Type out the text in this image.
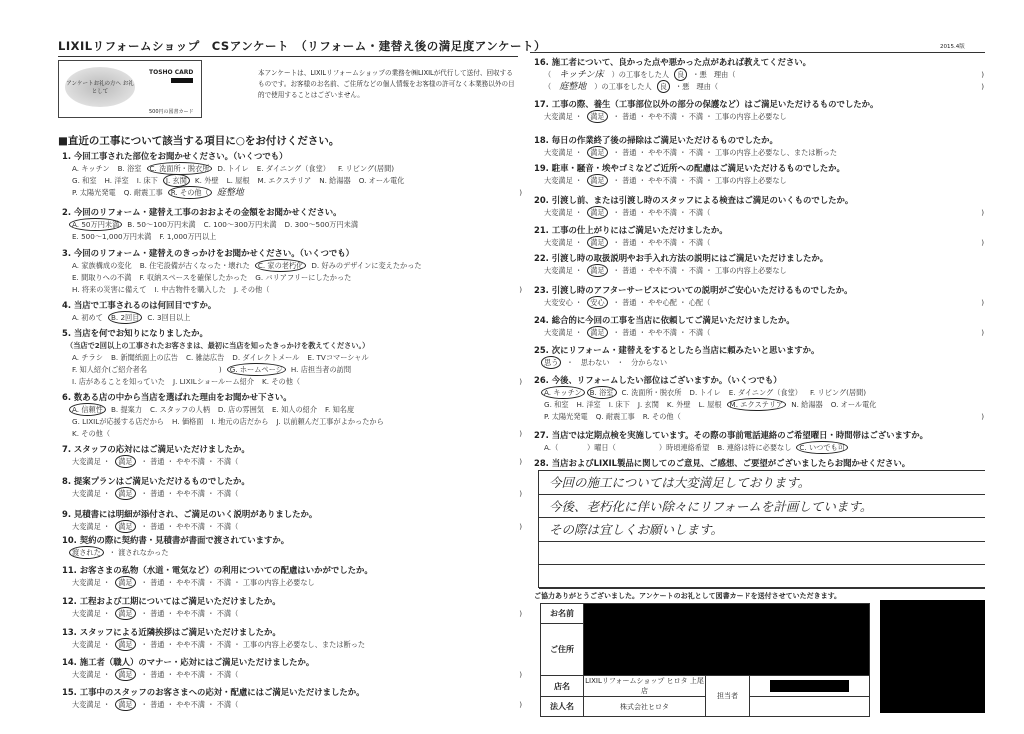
LIXILリフォームショップ　CSアンケート　（リフォーム・建替え後の満足度アンケート）	2015.4版
アンケートお礼の方へ お礼として
TOSHO CARD
500円の図書カード
本アンケートは、LIXILリフォームショップの業務を㈱LIXILが代行して送付、回収するものです。お客様のお名前、ご住所などの個人情報をお客様の許可なく本業務以外の目的で使用することはございません。
■直近の工事について該当する項目に○をお付けください。
1. 今回工事された部位をお聞かせください。（いくつでも）
A. キッチン B. 浴室 C. 洗面所・脱衣所 D. トイレ E. ダイニング（食堂） F. リビング(居間)
G. 和室 H. 洋室 I. 床下 J. 玄関 K. 外壁 L. 屋根 M. エクステリア N. 給湯器 O. オール電化
P. 太陽光発電 Q. 耐震工事 R. その他（ 庭整地	)
2. 今回のリフォーム・建替え工事のおおよその金額をお聞かせください。
A. 50万円未満 B. 50～100万円未満 C. 100～300万円未満 D. 300～500万円未満
E. 500～1,000万円未満 F. 1,000万円以上
3. 今回のリフォーム・建替えのきっかけをお聞かせください。（いくつでも）
A. 家族構成の変化 B. 住宅設備が古くなった・壊れた C. 家の老朽化 D. 好みのデザインに変えたかった
E. 間取りへの不満 F. 収納スペースを確保したかった G. バリアフリーにしたかった
H. 将来の災害に備えて I. 中古物件を購入した J. その他（	)
4. 当店で工事されるのは何回目ですか。
A. 初めて B. 2回目 C. 3回目以上
5. 当店を何でお知りになりましたか。
（当店で2回以上の工事されたお客さまは、最初に当店を知ったきっかけを教えてください。）
A. チラシ B. 新聞紙面上の広告 C. 雑誌広告 D. ダイレクトメール E. TVコマーシャル
F. 知人紹介(ご紹介者名　　　　　　　　　　) G. ホームページ H. 店担当者の訪問
I. 店があることを知っていた J. LIXILショールーム紹介 K. その他（	)
6. 数ある店の中から当店を選ばれた理由をお聞かせ下さい。
A. 信頼性 B. 提案力 C. スタッフの人柄 D. 店の雰囲気 E. 知人の紹介 F. 知名度
G. LIXILが応援する店だから H. 価格面 I. 地元の店だから J. 以前頼んだ工事がよかったから
K. その他（	)
7. スタッフの応対にはご満足いただけましたか。
大変満足 ・ 満足 ・ 普通 ・ やや不満 ・ 不満（	)
8. 提案プランはご満足いただけるものでしたか。
大変満足 ・ 満足 ・ 普通 ・ やや不満 ・ 不満（	)
9. 見積書には明細が添付され、ご満足のいく説明がありましたか。
大変満足 ・ 満足 ・ 普通 ・ やや不満 ・ 不満（	)
10. 契約の際に契約書・見積書が書面で渡されていますか。
渡された ・ 渡されなかった
11. お客さまの私物（水道・電気など）の利用についての配慮はいかがでしたか。
大変満足 ・ 満足 ・ 普通 ・ やや不満 ・ 不満 ・ 工事の内容上必要なし
12. 工程および工期についてはご満足いただけましたか。
大変満足 ・ 満足 ・ 普通 ・ やや不満 ・ 不満（	)
13. スタッフによる近隣挨拶はご満足いただけましたか。
大変満足 ・ 満足 ・ 普通 ・ やや不満 ・ 不満 ・ 工事の内容上必要なし、または断った
14. 施工者（職人）のマナー・応対にはご満足いただけましたか。
大変満足 ・ 満足 ・ 普通 ・ やや不満 ・ 不満（	)
15. 工事中のスタッフのお客さまへの応対・配慮にはご満足いただけましたか。
大変満足 ・ 満足 ・ 普通 ・ やや不満 ・ 不満（	)
16. 施工者について、良かった点や悪かった点があれば教えてください。
（ キッチン床 ）の工事をした人 良 ・悪　理由（	)
（ 庭整地 ）の工事をした人 良 ・悪　理由（	)
17. 工事の際、養生（工事部位以外の部分の保護など）はご満足いただけるものでしたか。
大変満足 ・ 満足 ・ 普通 ・ やや不満 ・ 不満 ・ 工事の内容上必要なし
18. 毎日の作業終了後の掃除はご満足いただけるものでしたか。
大変満足 ・ 満足 ・ 普通 ・ やや不満 ・ 不満 ・ 工事の内容上必要なし、または断った
19. 駐車・騒音・埃やゴミなどご近所への配慮はご満足いただけるものでしたか。
大変満足 ・ 満足 ・ 普通 ・ やや不満 ・ 不満 ・ 工事の内容上必要なし
20. 引渡し前、または引渡し時のスタッフによる検査はご満足のいくものでしたか。
大変満足 ・ 満足 ・ 普通 ・ やや不満 ・ 不満（	)
21. 工事の仕上がりにはご満足いただけましたか。
大変満足 ・ 満足 ・ 普通 ・ やや不満 ・ 不満（	)
22. 引渡し時の取扱説明やお手入れ方法の説明にはご満足いただけましたか。
大変満足 ・ 満足 ・ 普通 ・ やや不満 ・ 不満 ・ 工事の内容上必要なし
23. 引渡し時のアフターサービスについての説明がご安心いただけるものでしたか。
大変安心 ・ 安心 ・ 普通 ・ やや心配 ・ 心配（	)
24. 総合的に今回の工事を当店に依頼してご満足いただけましたか。
大変満足 ・ 満足 ・ 普通 ・ やや不満 ・ 不満（	)
25. 次にリフォーム・建替えをするとしたら当店に頼みたいと思いますか。
思う ・　思わない　・　分からない
26. 今後、リフォームしたい部位はございますか。（いくつでも）
A. キッチン B. 浴室 C. 洗面所・脱衣所 D. トイレ E. ダイニング（食堂） F. リビング(居間)
G. 和室 H. 洋室 I. 床下 J. 玄関 K. 外壁 L. 屋根 M. エクステリア N. 給湯器 O. オール電化
P. 太陽光発電 Q. 耐震工事 R. その他（	)
27. 当店では定期点検を実施しています。その際の事前電話連絡のご希望曜日・時間帯はございますか。
A.（　　　　）曜日（　　　　　　）時頃連絡希望 B. 連絡は特に必要なし C. いつでも可
28. 当店およびLIXIL製品に関してのご意見、ご感想、ご要望がございましたらお聞かせください。
今回の施工については大変満足しております。
今後、老朽化に伴い除々にリフォームを計画しています。
その際は宜しくお願いします。
ご協力ありがとうございました。アンケートのお礼として図書カードを送付させていただきます。
お名前			
ご住所			
店名	LIXILリフォームショップ ヒロタ 上尾店	担当者	

法人名	株式会社ヒロタ		
